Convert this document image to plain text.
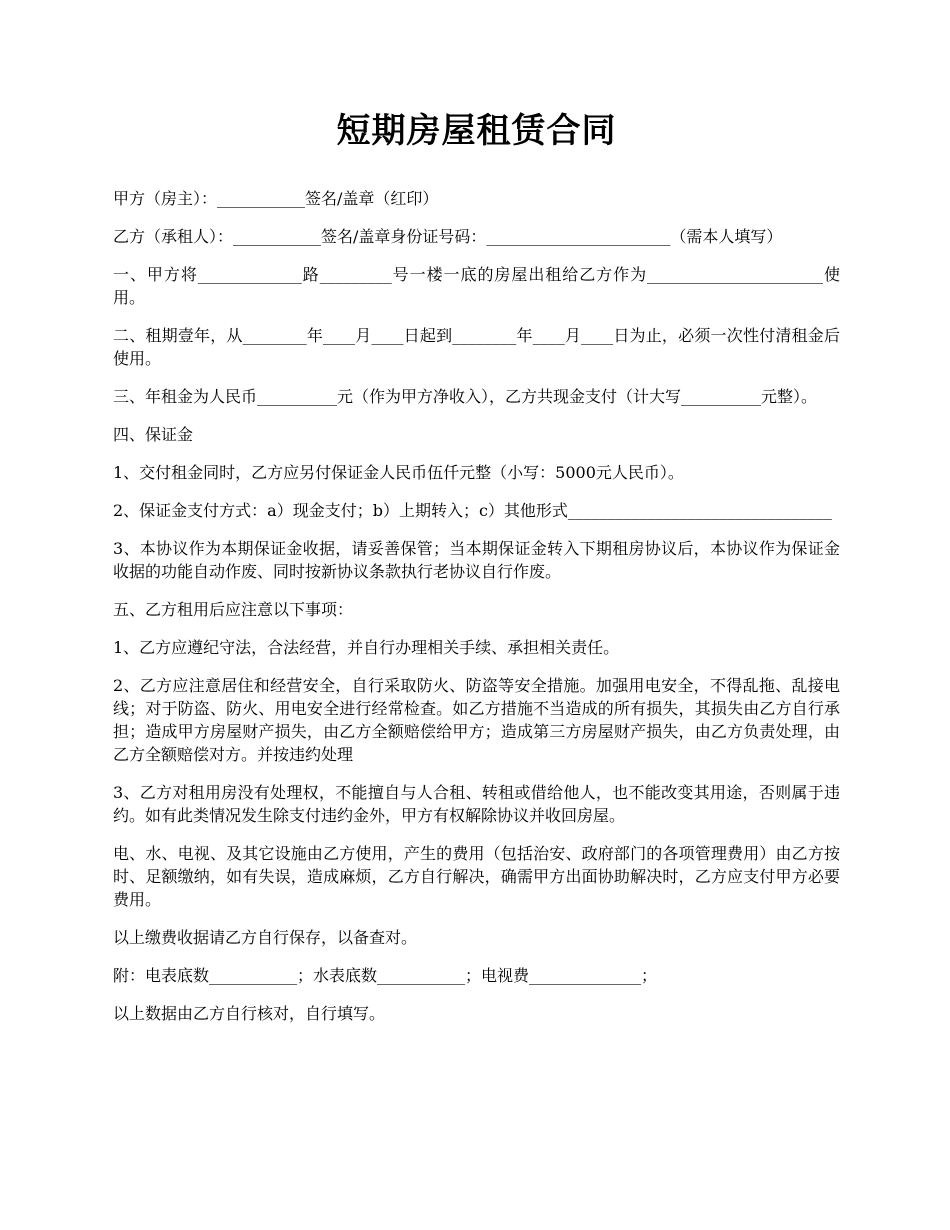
短期房屋租赁合同

甲方（房主）：___________签名/盖章（红印）

乙方（承租人）：___________签名/盖章身份证号码：_______________________（需本人填写）

一、甲方将_____________路_________号一楼一底的房屋出租给乙方作为______________________使用。

二、租期壹年，从________年____月____日起到________年____月____日为止，必须一次性付清租金后使用。

三、年租金为人民币__________元（作为甲方净收入），乙方共现金支付（计大写__________元整）。

四、保证金

1、交付租金同时，乙方应另付保证金人民币伍仟元整（小写：5000元人民币）。

2、保证金支付方式：a）现金支付；b）上期转入；c）其他形式_________________________________

3、本协议作为本期保证金收据，请妥善保管；当本期保证金转入下期租房协议后，本协议作为保证金收据的功能自动作废、同时按新协议条款执行老协议自行作废。

五、乙方租用后应注意以下事项：

1、乙方应遵纪守法，合法经营，并自行办理相关手续、承担相关责任。

2、乙方应注意居住和经营安全，自行采取防火、防盗等安全措施。加强用电安全，不得乱拖、乱接电线；对于防盗、防火、用电安全进行经常检查。如乙方措施不当造成的所有损失，其损失由乙方自行承担；造成甲方房屋财产损失，由乙方全额赔偿给甲方；造成第三方房屋财产损失，由乙方负责处理，由乙方全额赔偿对方。并按违约处理

3、乙方对租用房没有处理权，不能擅自与人合租、转租或借给他人，也不能改变其用途，否则属于违约。如有此类情况发生除支付违约金外，甲方有权解除协议并收回房屋。

电、水、电视、及其它设施由乙方使用，产生的费用（包括治安、政府部门的各项管理费用）由乙方按时、足额缴纳，如有失误，造成麻烦，乙方自行解决，确需甲方出面协助解决时，乙方应支付甲方必要费用。

以上缴费收据请乙方自行保存，以备查对。

附：电表底数___________；水表底数___________；电视费______________；

以上数据由乙方自行核对，自行填写。
